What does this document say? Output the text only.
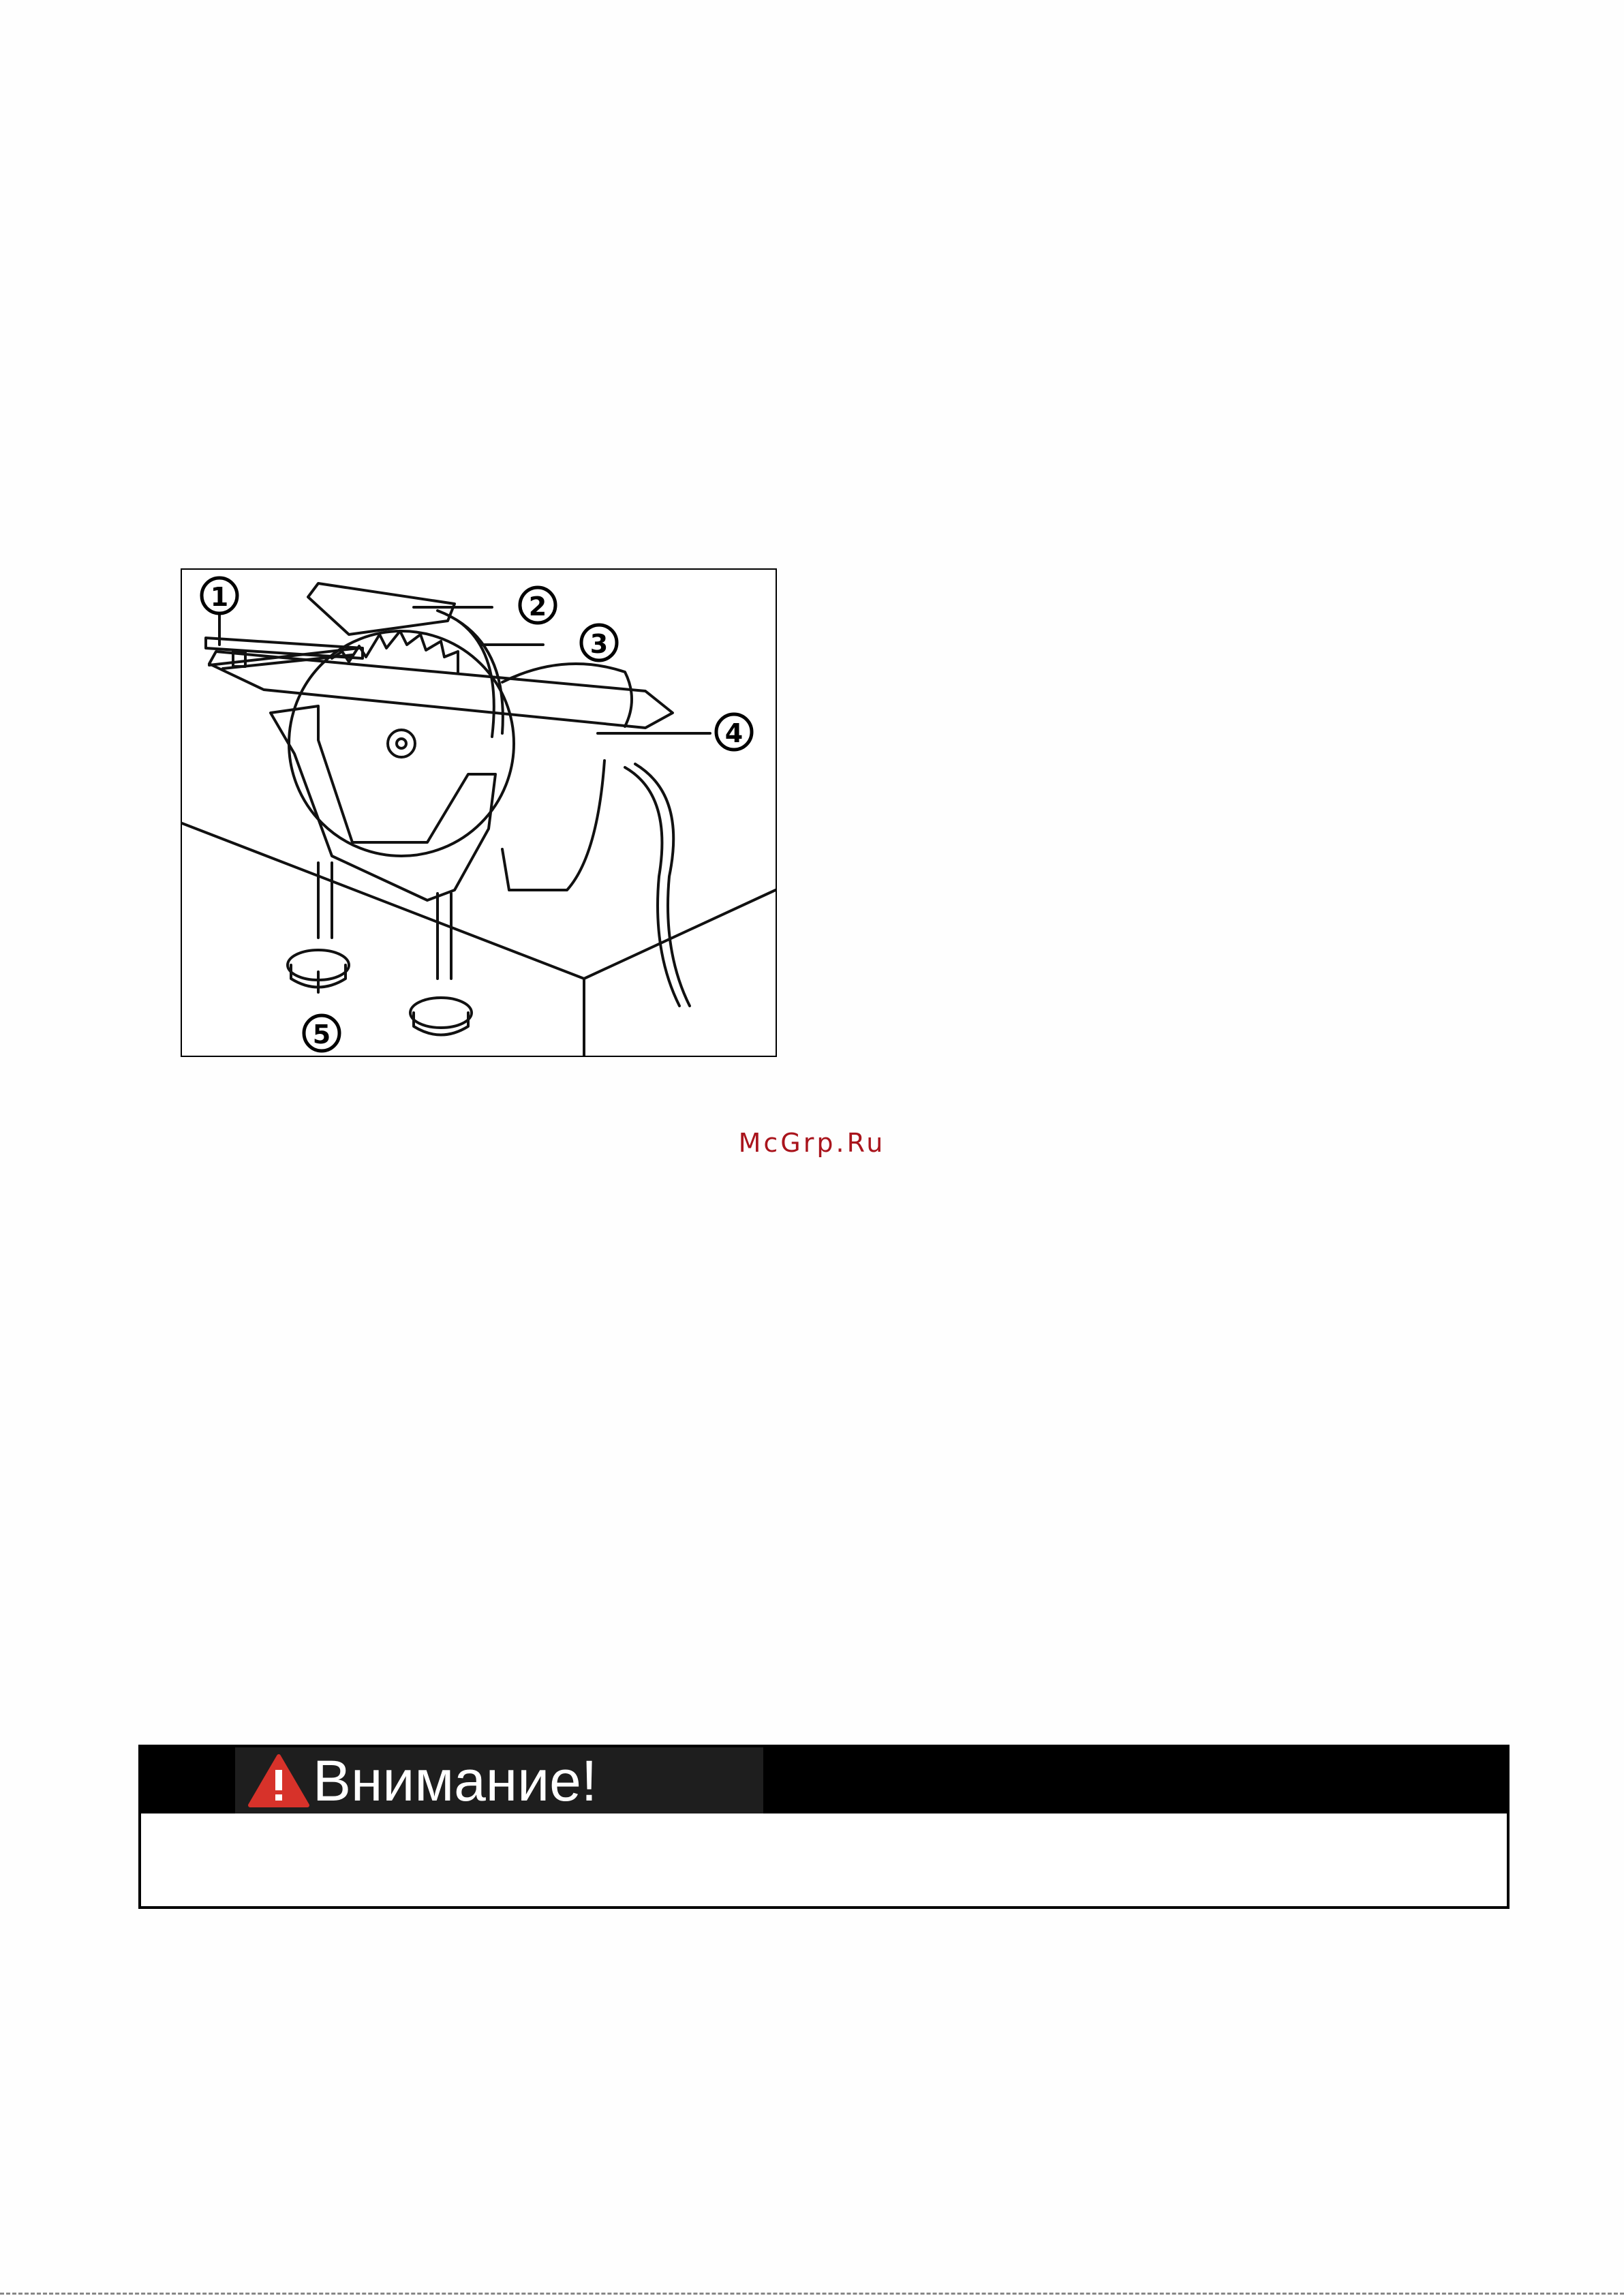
1	2
3
4
5
McGrp.Ru
Внимание!
